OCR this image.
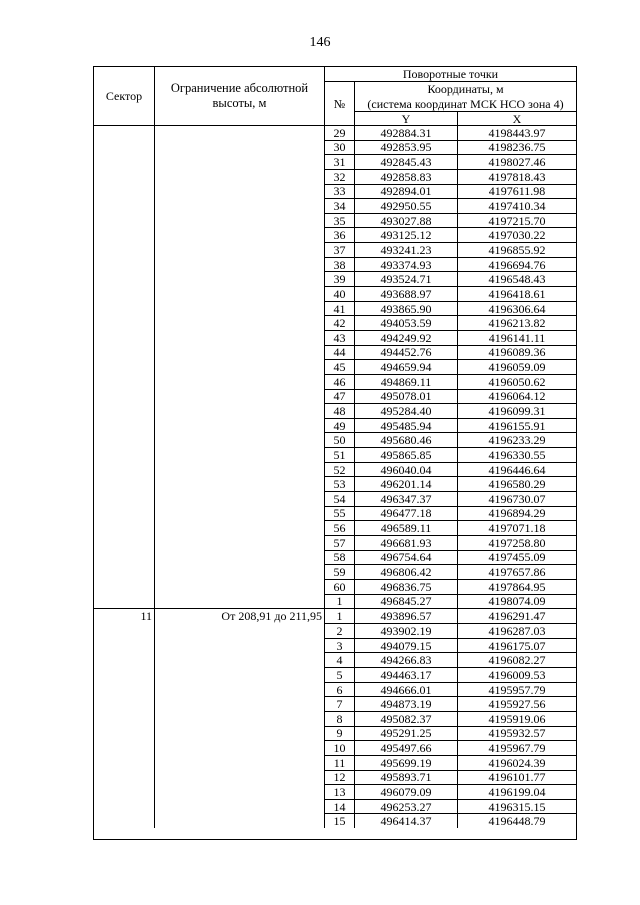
146
Сектор
Ограничение абсолютной высоты, м
Поворотные точки
№
Координаты, м
(система координат МСК НСО зона 4)
Y	X
29	492884.31	4198443.97
30	492853.95	4198236.75
31	492845.43	4198027.46
32	492858.83	4197818.43
33	492894.01	4197611.98
34	492950.55	4197410.34
35	493027.88	4197215.70
36	493125.12	4197030.22
37	493241.23	4196855.92
38	493374.93	4196694.76
39	493524.71	4196548.43
40	493688.97	4196418.61
41	493865.90	4196306.64
42	494053.59	4196213.82
43	494249.92	4196141.11
44	494452.76	4196089.36
45	494659.94	4196059.09
46	494869.11	4196050.62
47	495078.01	4196064.12
48	495284.40	4196099.31
49	495485.94	4196155.91
50	495680.46	4196233.29
51	495865.85	4196330.55
52	496040.04	4196446.64
53	496201.14	4196580.29
54	496347.37	4196730.07
55	496477.18	4196894.29
56	496589.11	4197071.18
57	496681.93	4197258.80
58	496754.64	4197455.09
59	496806.42	4197657.86
60	496836.75	4197864.95
1	496845.27	4198074.09
11	От 208,91 до 211,95	1	493896.57	4196291.47
2	493902.19	4196287.03
3	494079.15	4196175.07
4	494266.83	4196082.27
5	494463.17	4196009.53
6	494666.01	4195957.79
7	494873.19	4195927.56
8	495082.37	4195919.06
9	495291.25	4195932.57
10	495497.66	4195967.79
11	495699.19	4196024.39
12	495893.71	4196101.77
13	496079.09	4196199.04
14	496253.27	4196315.15
15	496414.37	4196448.79
